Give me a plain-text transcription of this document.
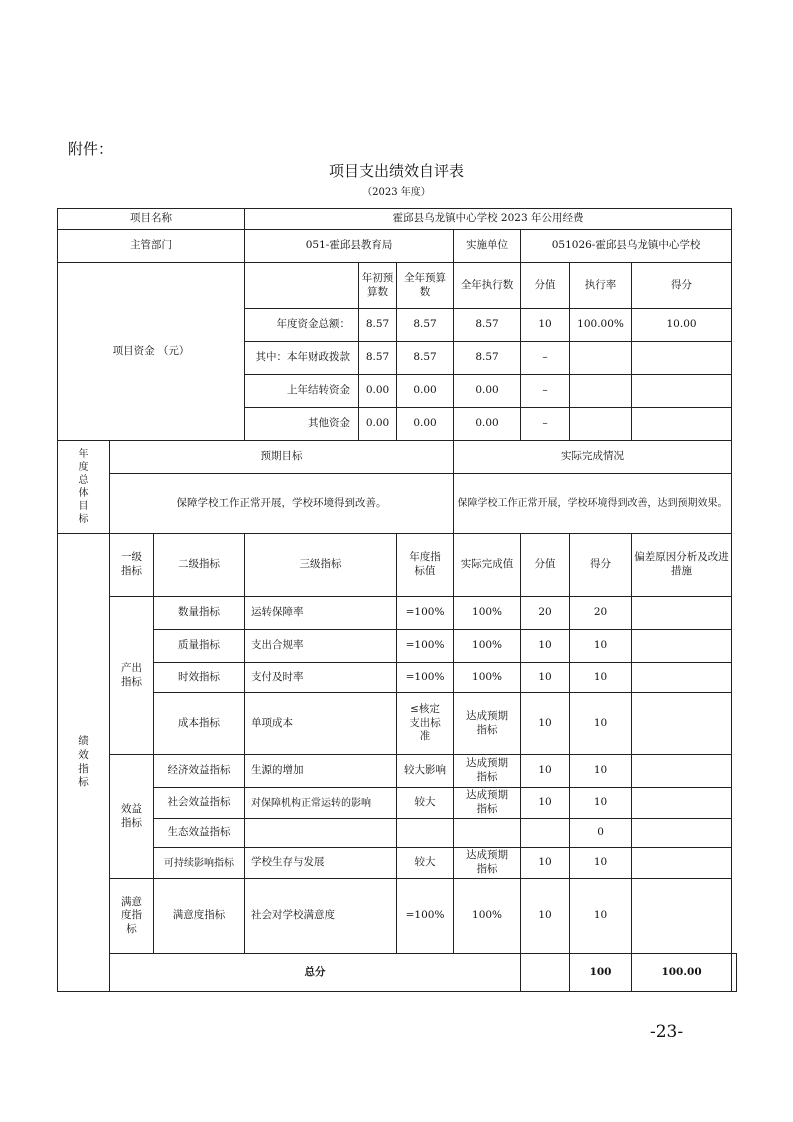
附件：
项目支出绩效自评表
（2023 年度）
项目名称			霍邱县乌龙镇中心学校 2023 年公用经费							
主管部门			051-霍邱县教育局			实施单位	051026-霍邱县乌龙镇中心学校			
项目资金 （元）				年初预算数	全年预算数	全年执行数	分值	执行率	得分	
			年度资金总额：	8.57	8.57	8.57	10	100.00%	10.00	
			其中：本年财政拨款	8.57	8.57	8.57	–			
			上年结转资金	0.00	0.00	0.00	–			
			其他资金	0.00	0.00	0.00	–			
年度总体目标	预期目标					实际完成情况				
	保障学校工作正常开展，学校环境得到改善。					保障学校工作正常开展，学校环境得到改善，达到预期效果。				
绩效指标	一级指标	二级指标	三级指标		年度指标值	实际完成值	分值	得分	偏差原因分析及改进措施	
	产出指标	数量指标	运转保障率		=100%	100%	20	20		
		质量指标	支出合规率		=100%	100%	10	10		
		时效指标	支付及时率		=100%	100%	10	10		
		成本指标	单项成本		≤核定支出标准	达成预期指标	10	10		
	效益指标	经济效益指标	生源的增加		较大影响	达成预期指标	10	10		
		社会效益指标	对保障机构正常运转的影响		较大	达成预期指标	10	10		
		生态效益指标						0		
		可持续影响指标	学校生存与发展		较大	达成预期指标	10	10		
	满意度指标	满意度指标	社会对学校满意度		=100%	100%	10	10		
	总分							100	100.00	
-23-
